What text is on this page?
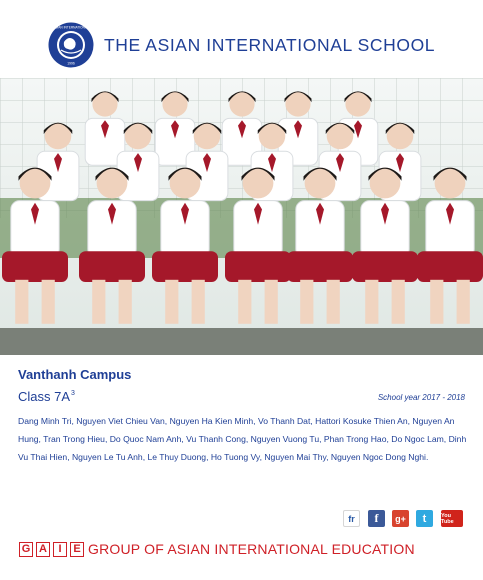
ASIAN INTERNATIONAL
1996
THE ASIAN INTERNATIONAL SCHOOL
Vanthanh Campus
Class $7A^3$	School year 2017 - 2018
Dang Minh Tri, Nguyen Viet Chieu Van, Nguyen Ha Kien Minh, Vo Thanh Dat, Hattori Kosuke Thien An, Nguyen An Hung, Tran Trong Hieu, Do Quoc Nam Anh, Vu Thanh Cong, Nguyen Vuong Tu, Phan Trong Hao, Do Ngoc Lam, Dinh Vu Thai Hien, Nguyen Le Tu Anh, Le Thuy Duong, Ho Tuong Vy, Nguyen Mai Thy, Nguyen Ngoc Dong Nghi.
fr	f	g+	t	You Tube
G A	I	E GROUP OF ASIAN INTERNATIONAL EDUCATION
